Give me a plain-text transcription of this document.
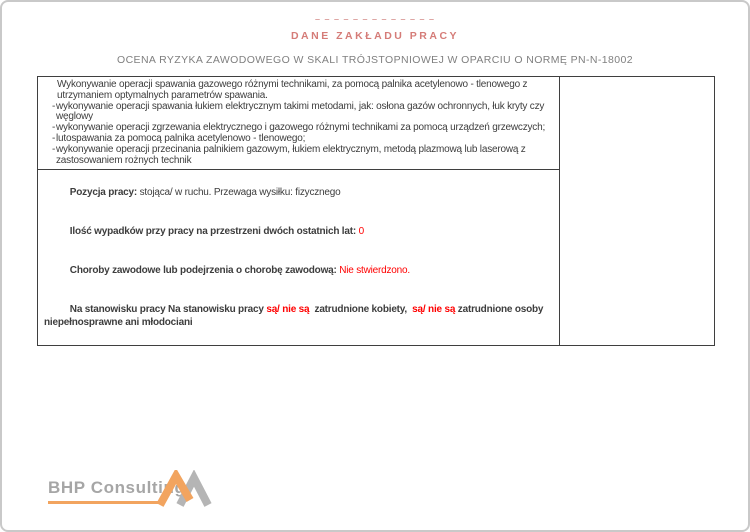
– – – – – – – – – – – – –
DANE ZAKŁADU PRACY
OCENA RYZYKA ZAWODOWEGO W SKALI TRÓJSTOPNIOWEJ W OPARCIU O NORMĘ PN-N-18002
Wykonywanie operacji spawania gazowego różnymi technikami, za pomocą palnika acetylenowo - tlenowego z utrzymaniem optymalnych parametrów spawania.
- wykonywanie operacji spawania łukiem elektrycznym takimi metodami, jak: osłona gazów ochronnych, łuk kryty czy węglowy
- wykonywanie operacji zgrzewania elektrycznego i gazowego różnymi technikami za pomocą urządzeń grzewczych;
- lutospawania za pomocą palnika acetylenowo - tlenowego;
- wykonywanie operacji przecinania palnikiem gazowym, łukiem elektrycznym, metodą plazmową lub laserową z zastosowaniem rożnych technik

Pozycja pracy: stojąca/ w ruchu. Przewaga wysiłku: fizycznego

Ilość wypadków przy pracy na przestrzeni dwóch ostatnich lat: 0

Choroby zawodowe lub podejrzenia o chorobę zawodową: Nie stwierdzono.

Na stanowisku pracy Na stanowisku pracy są/ nie są  zatrudnione kobiety,  są/ nie są zatrudnione osoby niepełnosprawne ani młodociani

BHP Consulting
